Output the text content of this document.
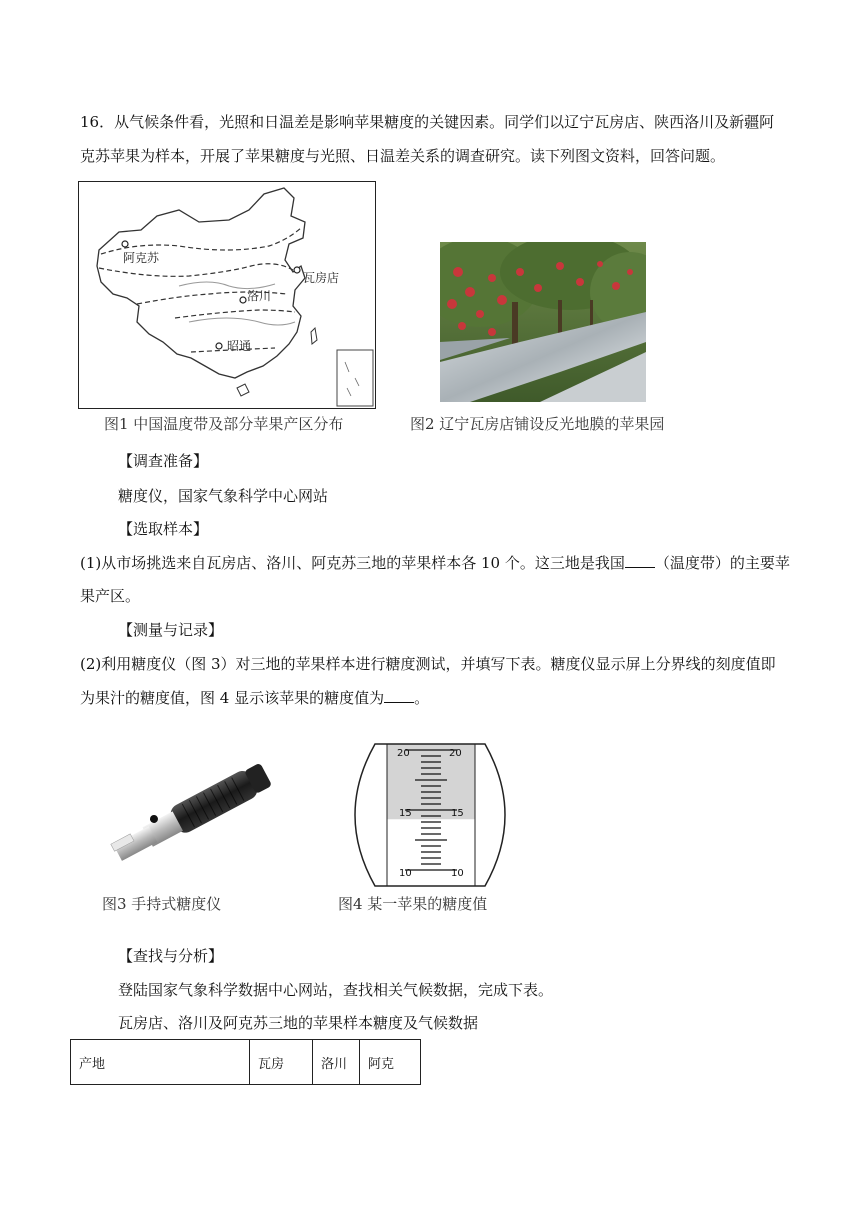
16．从气候条件看，光照和日温差是影响苹果糖度的关键因素。同学们以辽宁瓦房店、陕西洛川及新疆阿
克苏苹果为样本，开展了苹果糖度与光照、日温差关系的调查研究。读下列图文资料，回答问题。
阿克苏
瓦房店
洛川
昭通
图1 中国温度带及部分苹果产区分布	图2 辽宁瓦房店铺设反光地膜的苹果园
【调查准备】
糖度仪，国家气象科学中心网站
【选取样本】
(1)从市场挑选来自瓦房店、洛川、阿克苏三地的苹果样本各 10 个。这三地是我国 （温度带）的主要苹
果产区。
【测量与记录】
(2)利用糖度仪（图 3）对三地的苹果样本进行糖度测试，并填写下表。糖度仪显示屏上分界线的刻度值即
为果汁的糖度值，图 4 显示该苹果的糖度值为 。
图3 手持式糖度仪
20	20
15	15
10	10
图4 某一苹果的糖度值
【查找与分析】
登陆国家气象科学数据中心网站，查找相关气候数据，完成下表。
瓦房店、洛川及阿克苏三地的苹果样本糖度及气候数据
产地	瓦房	洛川	阿克
